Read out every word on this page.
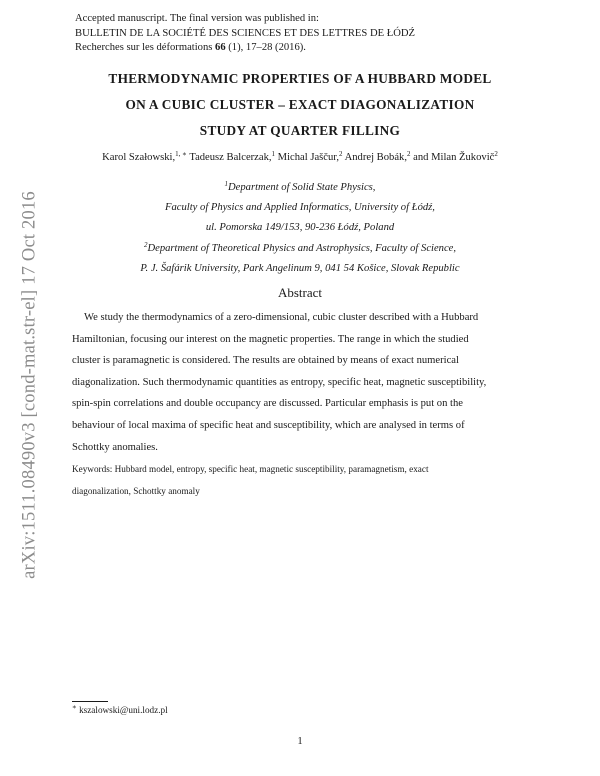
arXiv:1511.08490v3 [cond-mat.str-el] 17 Oct 2016
Accepted manuscript. The final version was published in:
BULLETIN DE LA SOCIÉTÉ DES SCIENCES ET DES LETTRES DE ŁÓDŹ
Recherches sur les déformations 66 (1), 17–28 (2016).
THERMODYNAMIC PROPERTIES OF A HUBBARD MODEL
ON A CUBIC CLUSTER – EXACT DIAGONALIZATION
STUDY AT QUARTER FILLING
Karol Szałowski,$^{1, ∗}$ Tadeusz Balcerzak,$^1$ Michal Jaščur,$^2$ Andrej Bobák,$^2$ and Milan Žukovič$^2$
$^1$Department of Solid State Physics,
Faculty of Physics and Applied Informatics, University of Łódź,
ul. Pomorska 149/153, 90-236 Łódź, Poland
$^2$Department of Theoretical Physics and Astrophysics, Faculty of Science,
P. J. Šafárik University, Park Angelinum 9, 041 54 Košice, Slovak Republic
Abstract
We study the thermodynamics of a zero-dimensional, cubic cluster described with a Hubbard
Hamiltonian, focusing our interest on the magnetic properties. The range in which the studied
cluster is paramagnetic is considered. The results are obtained by means of exact numerical
diagonalization. Such thermodynamic quantities as entropy, specific heat, magnetic susceptibility,
spin-spin correlations and double occupancy are discussed. Particular emphasis is put on the
behaviour of local maxima of specific heat and susceptibility, which are analysed in terms of
Schottky anomalies.
Keywords: Hubbard model, entropy, specific heat, magnetic susceptibility, paramagnetism, exact
diagonalization, Schottky anomaly
∗ kszalowski@uni.lodz.pl
1
